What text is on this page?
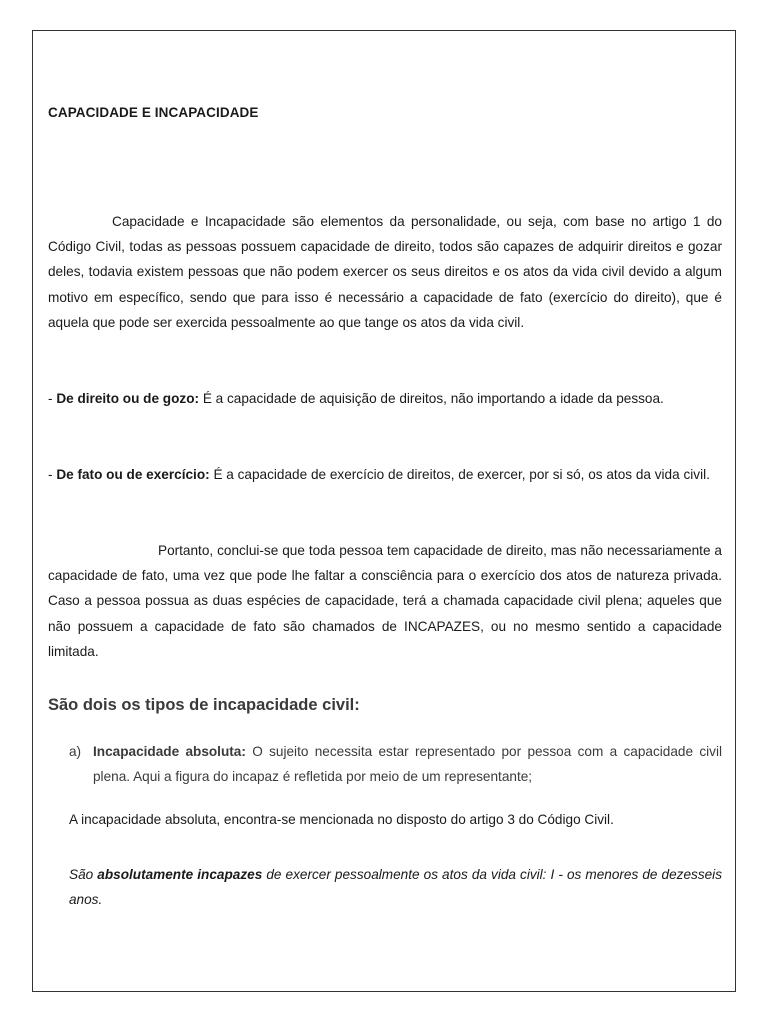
CAPACIDADE E INCAPACIDADE
Capacidade e Incapacidade são elementos da personalidade, ou seja, com base no artigo 1 do Código Civil, todas as pessoas possuem capacidade de direito, todos são capazes de adquirir direitos e gozar deles, todavia existem pessoas que não podem exercer os seus direitos e os atos da vida civil devido a algum motivo em específico, sendo que para isso é necessário a capacidade de fato (exercício do direito), que é aquela que pode ser exercida pessoalmente ao que tange os atos da vida civil.
- De direito ou de gozo: É a capacidade de aquisição de direitos, não importando a idade da pessoa.
- De fato ou de exercício: É a capacidade de exercício de direitos, de exercer, por si só, os atos da vida civil.
Portanto, conclui-se que toda pessoa tem capacidade de direito, mas não necessariamente a capacidade de fato, uma vez que pode lhe faltar a consciência para o exercício dos atos de natureza privada. Caso a pessoa possua as duas espécies de capacidade, terá a chamada capacidade civil plena; aqueles que não possuem a capacidade de fato são chamados de INCAPAZES, ou no mesmo sentido a capacidade limitada.
São dois os tipos de incapacidade civil:
a) Incapacidade absoluta: O sujeito necessita estar representado por pessoa com a capacidade civil plena. Aqui a figura do incapaz é refletida por meio de um representante;
A incapacidade absoluta, encontra-se mencionada no disposto do artigo 3 do Código Civil.
São absolutamente incapazes de exercer pessoalmente os atos da vida civil: I - os menores de dezesseis anos.
